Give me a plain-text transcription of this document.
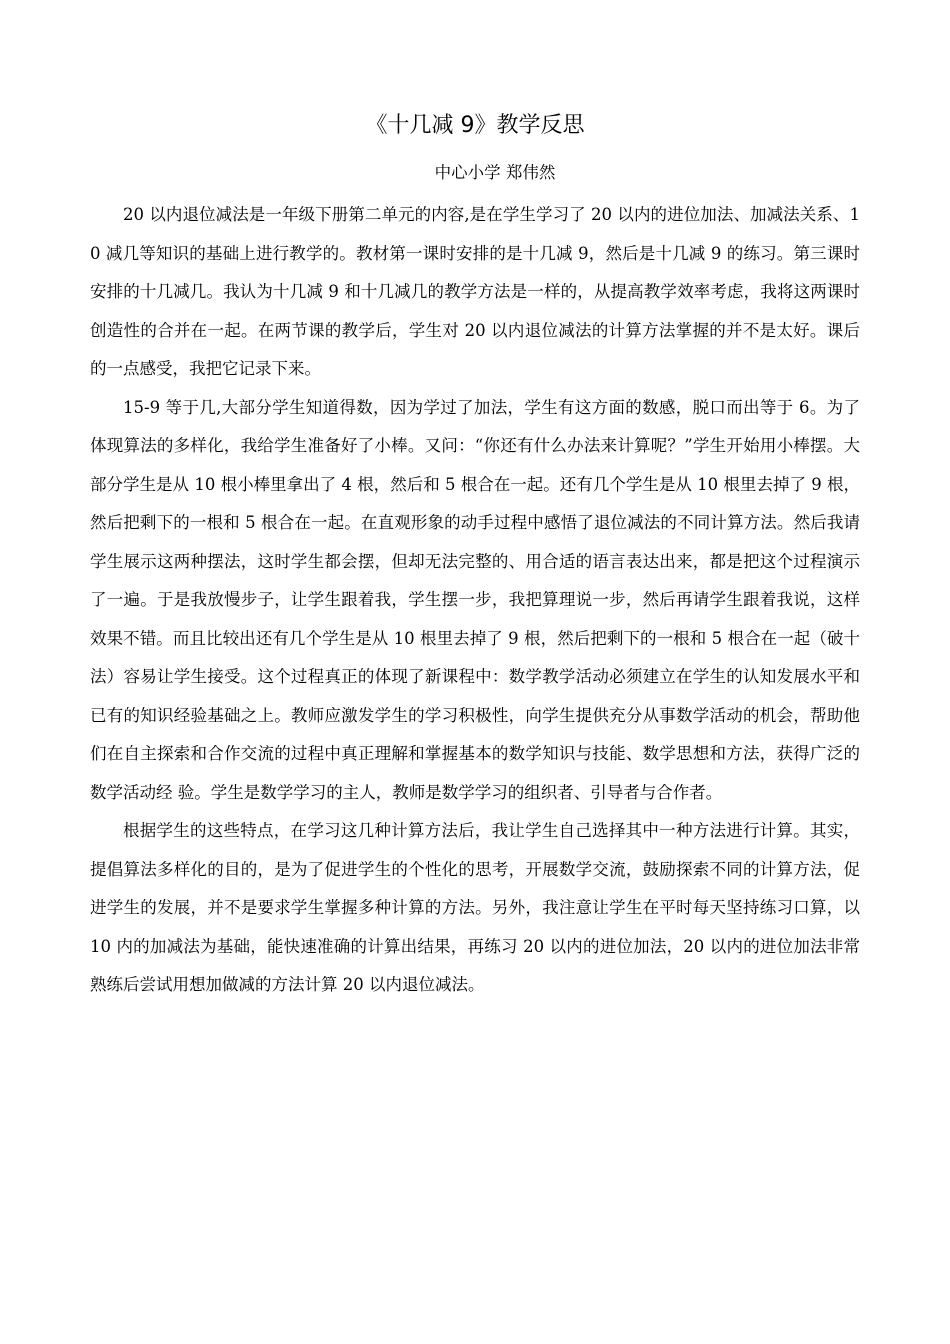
《十几减 9》教学反思

中心小学 郑伟然

20 以内退位减法是一年级下册第二单元的内容,是在学生学习了 20 以内的进位加法、加减法关系、10 减几等知识的基础上进行教学的。教材第一课时安排的是十几减 9，然后是十几减 9 的练习。第三课时安排的十几减几。我认为十几减 9 和十几减几的教学方法是一样的，从提高教学效率考虑，我将这两课时创造性的合并在一起。在两节课的教学后，学生对 20 以内退位减法的计算方法掌握的并不是太好。课后的一点感受，我把它记录下来。

15-9 等于几,大部分学生知道得数，因为学过了加法，学生有这方面的数感，脱口而出等于 6。为了体现算法的多样化，我给学生准备好了小棒。又问：“你还有什么办法来计算呢？”学生开始用小棒摆。大部分学生是从 10 根小棒里拿出了 4 根，然后和 5 根合在一起。还有几个学生是从 10 根里去掉了 9 根，然后把剩下的一根和 5 根合在一起。在直观形象的动手过程中感悟了退位减法的不同计算方法。然后我请学生展示这两种摆法，这时学生都会摆，但却无法完整的、用合适的语言表达出来，都是把这个过程演示了一遍。于是我放慢步子，让学生跟着我，学生摆一步，我把算理说一步，然后再请学生跟着我说，这样效果不错。而且比较出还有几个学生是从 10 根里去掉了 9 根，然后把剩下的一根和 5 根合在一起（破十法）容易让学生接受。这个过程真正的体现了新课程中：数学教学活动必须建立在学生的认知发展水平和已有的知识经验基础之上。教师应激发学生的学习积极性，向学生提供充分从事数学活动的机会，帮助他们在自主探索和合作交流的过程中真正理解和掌握基本的数学知识与技能、数学思想和方法，获得广泛的数学活动经 验。学生是数学学习的主人，教师是数学学习的组织者、引导者与合作者。

根据学生的这些特点，在学习这几种计算方法后，我让学生自己选择其中一种方法进行计算。其实，提倡算法多样化的目的，是为了促进学生的个性化的思考，开展数学交流，鼓励探索不同的计算方法，促进学生的发展，并不是要求学生掌握多种计算的方法。另外，我注意让学生在平时每天坚持练习口算，以 10 内的加减法为基础，能快速准确的计算出结果，再练习 20 以内的进位加法，20 以内的进位加法非常熟练后尝试用想加做减的方法计算 20 以内退位减法。
